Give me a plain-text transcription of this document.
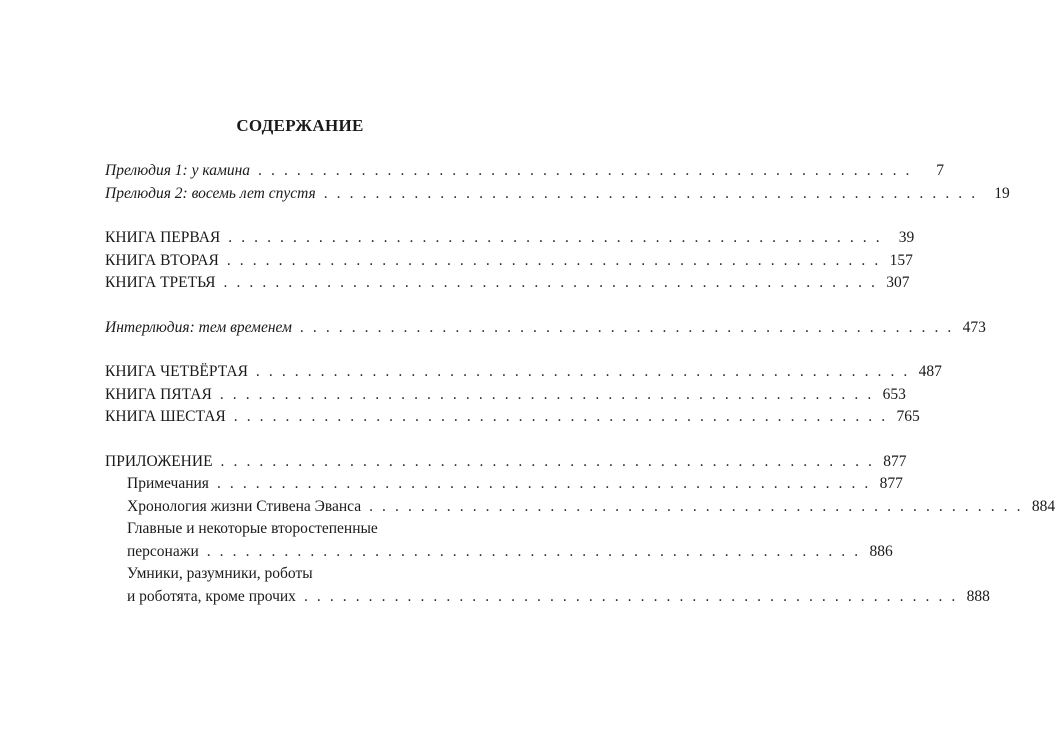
СОДЕРЖАНИЕ
Прелюдия 1: у камина . . . . . . . . . . . . . . . . . . . . . . . . . . . . . . . . . . . . . . . . . . . . . . . . . . .	7
Прелюдия 2: восемь лет спустя . . . . . . . . . . . . . . . . . . . . . . . . . . . . . . . . . . . . . . . . . . . . . . . . . . .	19
КНИГА ПЕРВАЯ . . . . . . . . . . . . . . . . . . . . . . . . . . . . . . . . . . . . . . . . . . . . . . . . . . .	39
КНИГА ВТОРАЯ . . . . . . . . . . . . . . . . . . . . . . . . . . . . . . . . . . . . . . . . . . . . . . . . . . . 157
КНИГА ТРЕТЬЯ . . . . . . . . . . . . . . . . . . . . . . . . . . . . . . . . . . . . . . . . . . . . . . . . . . . 307
Интерлюдия: тем временем . . . . . . . . . . . . . . . . . . . . . . . . . . . . . . . . . . . . . . . . . . . . . . . . . . . 473
КНИГА ЧЕТВЁРТАЯ . . . . . . . . . . . . . . . . . . . . . . . . . . . . . . . . . . . . . . . . . . . . . . . . . . . 487
КНИГА ПЯТАЯ . . . . . . . . . . . . . . . . . . . . . . . . . . . . . . . . . . . . . . . . . . . . . . . . . . . 653
КНИГА ШЕСТАЯ . . . . . . . . . . . . . . . . . . . . . . . . . . . . . . . . . . . . . . . . . . . . . . . . . . . 765
ПРИЛОЖЕНИЕ . . . . . . . . . . . . . . . . . . . . . . . . . . . . . . . . . . . . . . . . . . . . . . . . . . . 877
Примечания . . . . . . . . . . . . . . . . . . . . . . . . . . . . . . . . . . . . . . . . . . . . . . . . . . . 877
Хронология жизни Стивена Эванса . . . . . . . . . . . . . . . . . . . . . . . . . . . . . . . . . . . . . . . . . . . . . . . . . . . 884
Главные и некоторые второстепенные
персонажи . . . . . . . . . . . . . . . . . . . . . . . . . . . . . . . . . . . . . . . . . . . . . . . . . . . 886
Умники, разумники, роботы
и роботята, кроме прочих . . . . . . . . . . . . . . . . . . . . . . . . . . . . . . . . . . . . . . . . . . . . . . . . . . . 888
